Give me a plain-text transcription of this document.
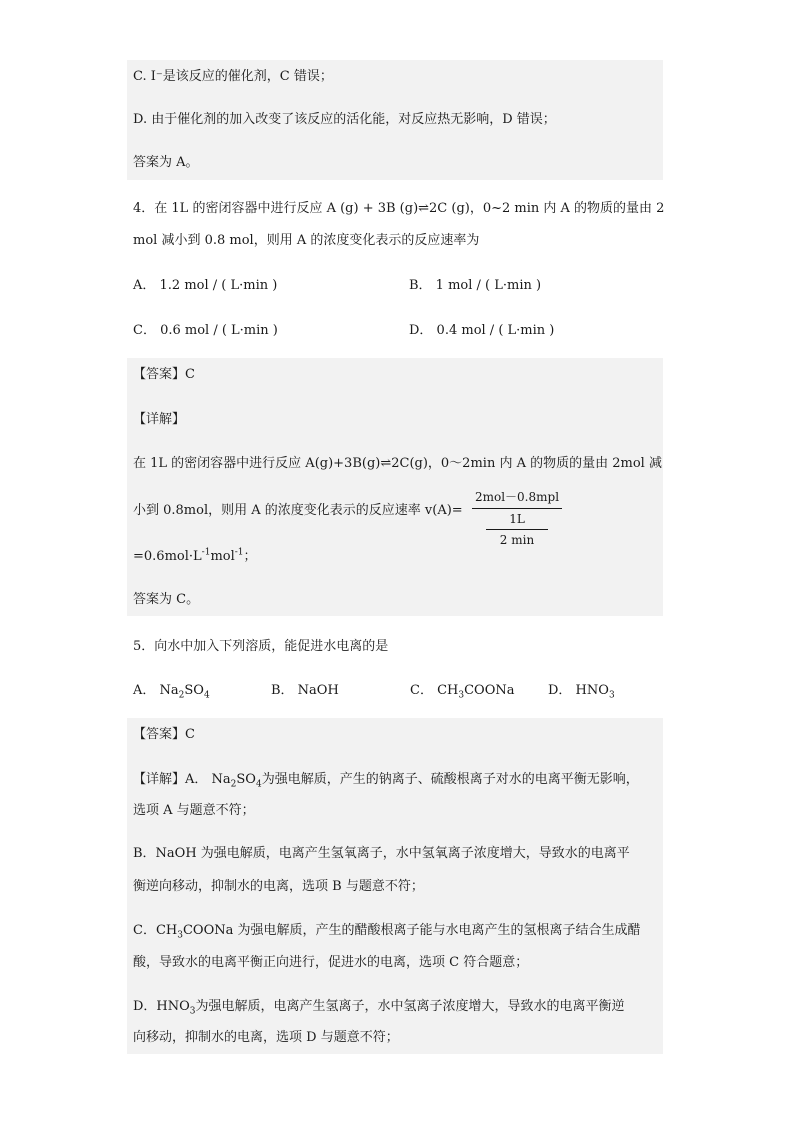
C. I⁻是该反应的催化剂，C 错误；
D. 由于催化剂的加入改变了该反应的活化能，对反应热无影响，D 错误；
答案为 A。
4．在 1L 的密闭容器中进行反应 A (g) + 3B (g)⇌2C (g)，0~2 min 内 A 的物质的量由 2
mol 减小到 0.8 mol，则用 A 的浓度变化表示的反应速率为
A． 1.2 mol / ( L·min )	B． 1 mol / ( L·min )
C． 0.6 mol / ( L·min )	D． 0.4 mol / ( L·min )
【答案】C
【详解】
在 1L 的密闭容器中进行反应 A(g)+3B(g)⇌2C(g)，0～2min 内 A 的物质的量由 2mol 减
小到 0.8mol，则用 A 的浓度变化表示的反应速率 v(A)=
$=0.6mol\cdot L^{-1}mol^{-1}$；
答案为 C。
2mol－0.8mpl
1L
2 min
5．向水中加入下列溶质，能促进水电离的是
A． $Na_2SO_4$	B． NaOH	C． $CH_3COONa$	D． $HNO_3$
【答案】C
【详解】A． $Na_2SO_4$为强电解质，产生的钠离子、硫酸根离子对水的电离平衡无影响，
选项 A 与题意不符；
B．NaOH 为强电解质，电离产生氢氧离子，水中氢氧离子浓度增大，导致水的电离平
衡逆向移动，抑制水的电离，选项 B 与题意不符；
C．$CH_3COONa$ 为强电解质，产生的醋酸根离子能与水电离产生的氢根离子结合生成醋
酸，导致水的电离平衡正向进行，促进水的电离，选项 C 符合题意；
D．$HNO_3$为强电解质，电离产生氢离子，水中氢离子浓度增大，导致水的电离平衡逆
向移动，抑制水的电离，选项 D 与题意不符；
